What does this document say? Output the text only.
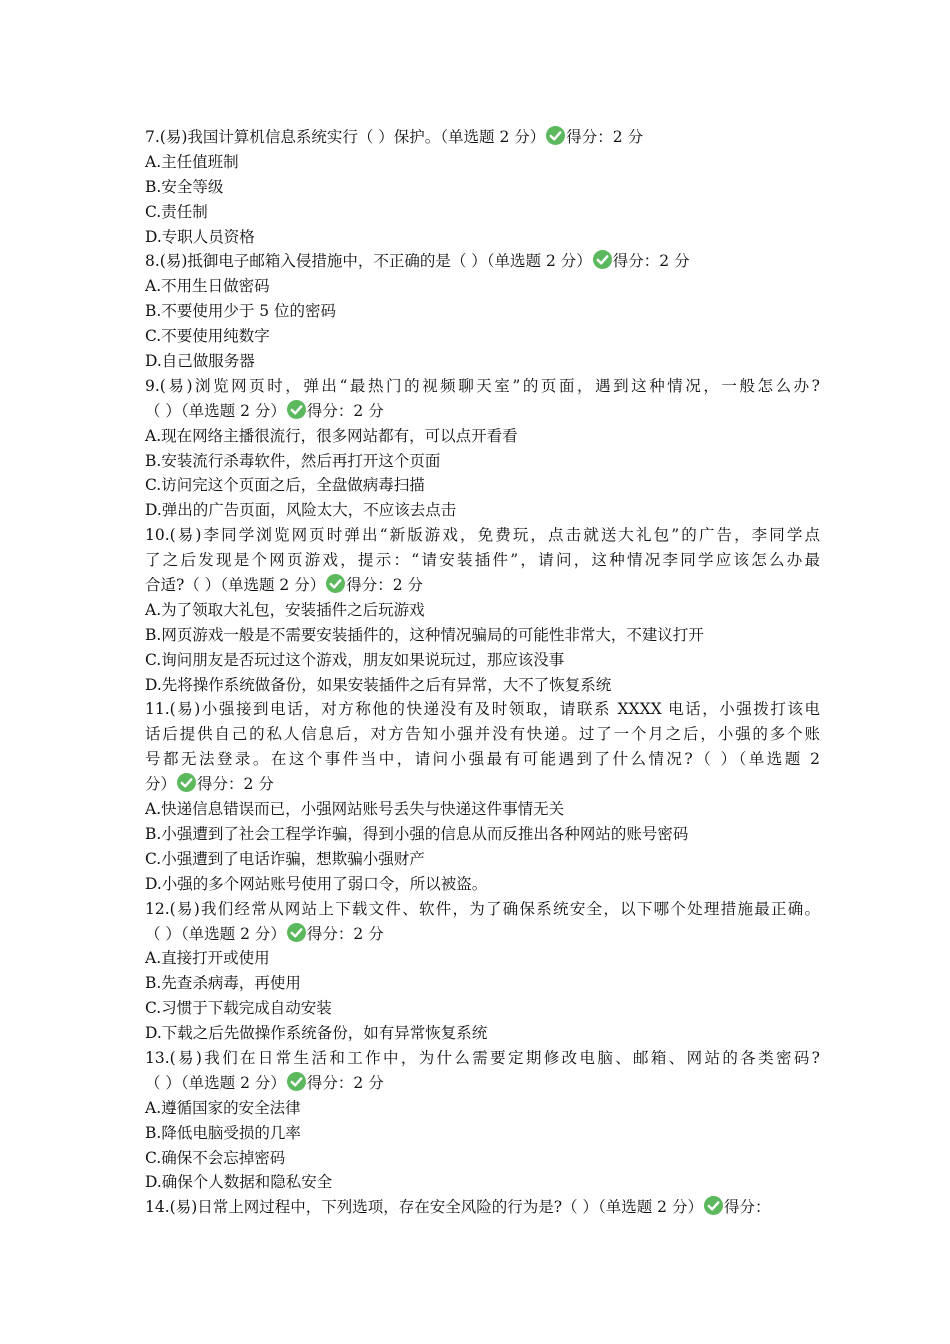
7.(易)我国计算机信息系统实行（ ）保护。（单选题 2 分） 得分：2 分
A.主任值班制
B.安全等级
C.责任制
D.专职人员资格
8.(易)抵御电子邮箱入侵措施中，不正确的是（ ）（单选题 2 分） 得分：2 分
A.不用生日做密码
B.不要使用少于 5 位的密码
C.不要使用纯数字
D.自己做服务器
9.(易)浏览网页时，弹出“最热门的视频聊天室”的页面，遇到这种情况，一般怎么办?
（ ）（单选题 2 分） 得分：2 分
A.现在网络主播很流行，很多网站都有，可以点开看看
B.安装流行杀毒软件，然后再打开这个页面
C.访问完这个页面之后，全盘做病毒扫描
D.弹出的广告页面，风险太大，不应该去点击
10.(易)李同学浏览网页时弹出“新版游戏，免费玩，点击就送大礼包”的广告，李同学点
了之后发现是个网页游戏，提示：“请安装插件”，请问，这种情况李同学应该怎么办最
合适?（ ）（单选题 2 分） 得分：2 分
A.为了领取大礼包，安装插件之后玩游戏
B.网页游戏一般是不需要安装插件的，这种情况骗局的可能性非常大，不建议打开
C.询问朋友是否玩过这个游戏，朋友如果说玩过，那应该没事
D.先将操作系统做备份，如果安装插件之后有异常，大不了恢复系统
11.(易)小强接到电话，对方称他的快递没有及时领取，请联系 XXXX 电话，小强拨打该电
话后提供自己的私人信息后，对方告知小强并没有快递。过了一个月之后，小强的多个账
号都无法登录。在这个事件当中，请问小强最有可能遇到了什么情况?（ ）（单选题 2
分） 得分：2 分
A.快递信息错误而已，小强网站账号丢失与快递这件事情无关
B.小强遭到了社会工程学诈骗，得到小强的信息从而反推出各种网站的账号密码
C.小强遭到了电话诈骗，想欺骗小强财产
D.小强的多个网站账号使用了弱口令，所以被盗。
12.(易)我们经常从网站上下载文件、软件，为了确保系统安全，以下哪个处理措施最正确。
（ ）（单选题 2 分） 得分：2 分
A.直接打开或使用
B.先查杀病毒，再使用
C.习惯于下载完成自动安装
D.下载之后先做操作系统备份，如有异常恢复系统
13.(易)我们在日常生活和工作中，为什么需要定期修改电脑、邮箱、网站的各类密码?
（ ）（单选题 2 分） 得分：2 分
A.遵循国家的安全法律
B.降低电脑受损的几率
C.确保不会忘掉密码
D.确保个人数据和隐私安全
14.(易)日常上网过程中，下列选项，存在安全风险的行为是?（ ）（单选题 2 分） 得分：
